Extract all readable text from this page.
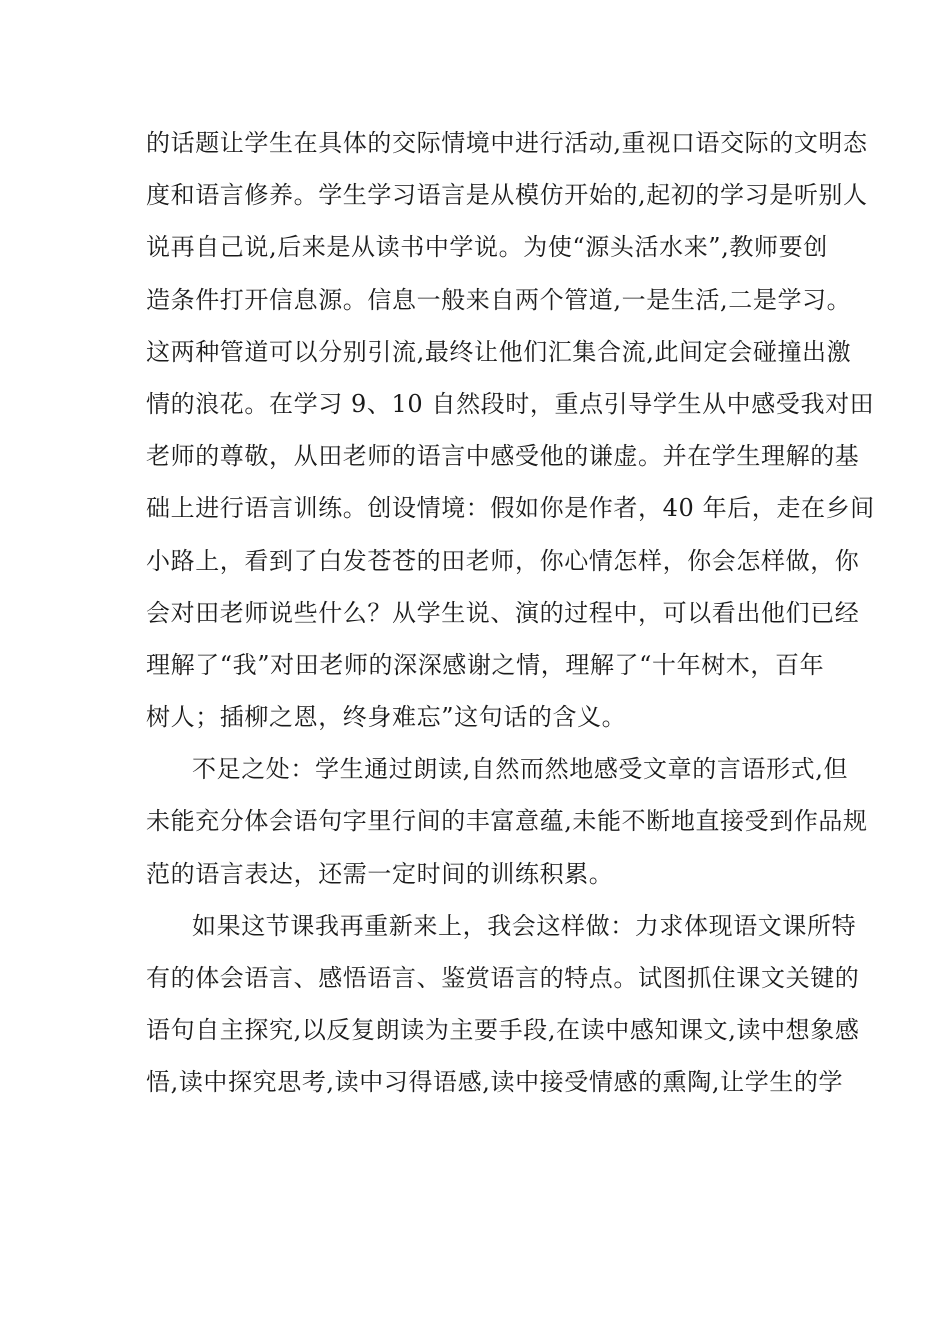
的话题让学生在具体的交际情境中进行活动,重视口语交际的文明态
度和语言修养。学生学习语言是从模仿开始的,起初的学习是听别人
说再自己说,后来是从读书中学说。为使“源头活水来”,教师要创
造条件打开信息源。信息一般来自两个管道,一是生活,二是学习。
这两种管道可以分别引流,最终让他们汇集合流,此间定会碰撞出激
情的浪花。在学习 9、10 自然段时，重点引导学生从中感受我对田
老师的尊敬，从田老师的语言中感受他的谦虚。并在学生理解的基
础上进行语言训练。创设情境：假如你是作者，40 年后，走在乡间
小路上，看到了白发苍苍的田老师，你心情怎样，你会怎样做，你
会对田老师说些什么？从学生说、演的过程中，可以看出他们已经
理解了“我”对田老师的深深感谢之情，理解了“十年树木，百年
树人；插柳之恩，终身难忘”这句话的含义。
不足之处：学生通过朗读,自然而然地感受文章的言语形式,但
未能充分体会语句字里行间的丰富意蕴,未能不断地直接受到作品规
范的语言表达，还需一定时间的训练积累。
如果这节课我再重新来上，我会这样做：力求体现语文课所特
有的体会语言、感悟语言、鉴赏语言的特点。试图抓住课文关键的
语句自主探究,以反复朗读为主要手段,在读中感知课文,读中想象感
悟,读中探究思考,读中习得语感,读中接受情感的熏陶,让学生的学
